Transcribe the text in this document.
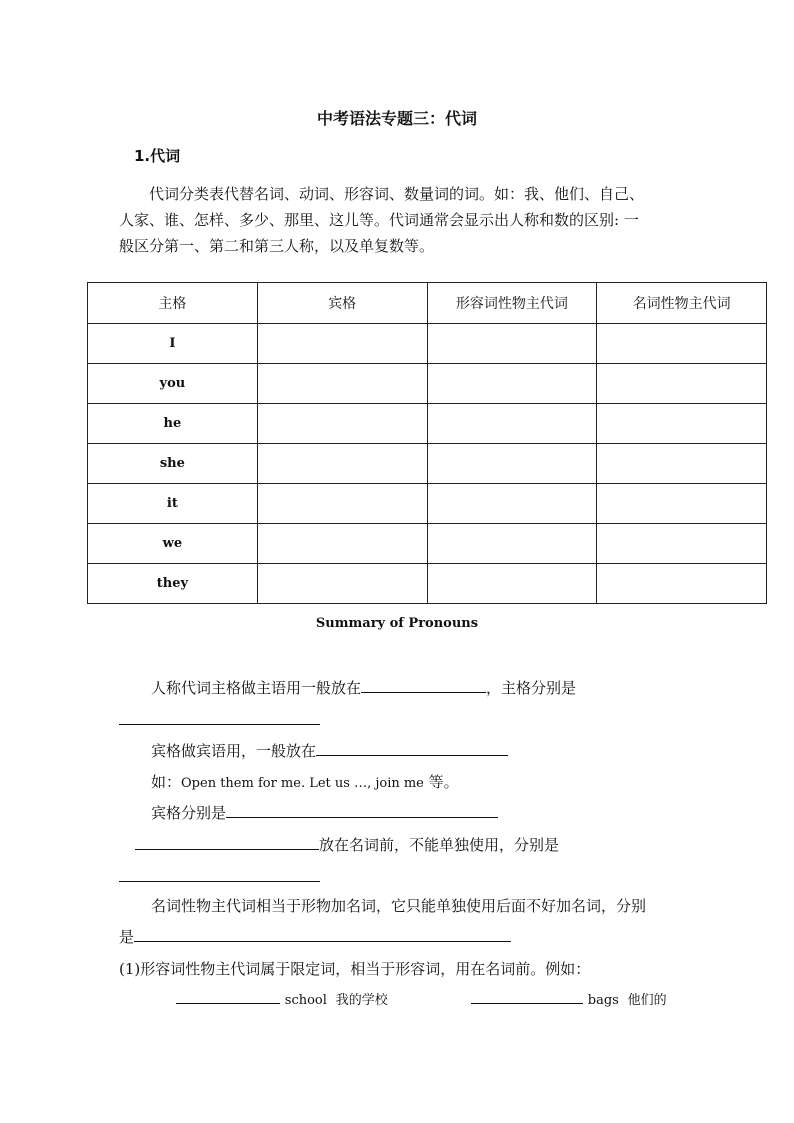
中考语法专题三：代词
1.代词
代词分类表代替名词、动词、形容词、数量词的词。如：我、他们、自己、
人家、谁、怎样、多少、那里、这儿等。代词通常会显示出人称和数的区别: 一
般区分第一、第二和第三人称，以及单复数等。
主格	宾格	形容词性物主代词	名词性物主代词
I			
you			
he			
she			
it			
we			
they			
Summary of Pronouns
人称代词主格做主语用一般放在	，主格分别是
宾格做宾语用，一般放在
如：Open them for me. Let us …, join me 等。
宾格分别是
放在名词前，不能单独使用，分别是
名词性物主代词相当于形物加名词，它只能单独使用后面不好加名词，分别
是
(1)形容词性物主代词属于限定词，相当于形容词，用在名词前。例如：
school 我的学校	bags 他们的
